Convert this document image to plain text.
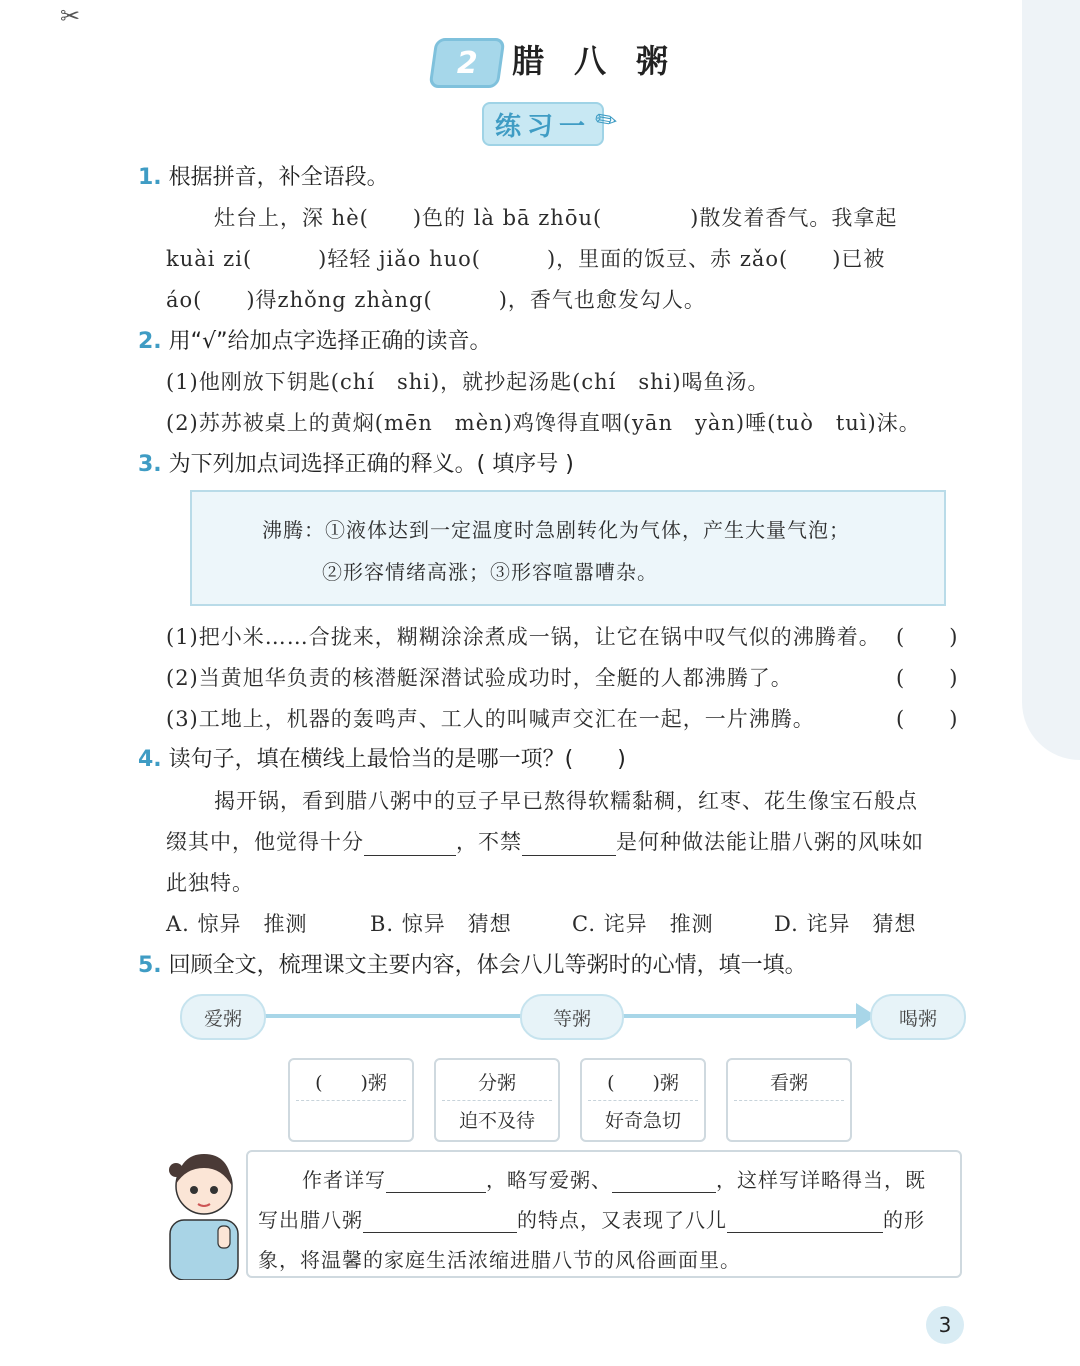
✂
2 腊八粥
练习一
✎
1. 根据拼音，补全语段。
灶台上，深 hè(　　)色的 là bā zhōu(　　　　)散发着香气。我拿起
kuài zi(　　　)轻轻 jiǎo huo(　　　)，里面的饭豆、赤 zǎo(　　)已被
áo(　　)得zhǒng zhàng(　　　)，香气也愈发勾人。
2. 用“√”给加点字选择正确的读音。
(1)他刚放下钥匙(chí　shi)，就抄起汤匙(chí　shi)喝鱼汤。
(2)苏苏被桌上的黄焖(mēn　mèn)鸡馋得直咽(yān　yàn)唾(tuò　tuì)沫。
3. 为下列加点词选择正确的释义。( 填序号 )
沸腾：①液体达到一定温度时急剧转化为气体，产生大量气泡；
②形容情绪高涨；③形容喧嚣嘈杂。
(1)把小米……合拢来，糊糊涂涂煮成一锅，让它在锅中叹气似的沸腾着。 (　　)
(2)当黄旭华负责的核潜艇深潜试验成功时，全艇的人都沸腾了。	(　　)
(3)工地上，机器的轰鸣声、工人的叫喊声交汇在一起，一片沸腾。	(　　)
4. 读句子，填在横线上最恰当的是哪一项？(　　)
揭开锅，看到腊八粥中的豆子早已熬得软糯黏稠，红枣、花生像宝石般点
缀其中，他觉得十分	，不禁	是何种做法能让腊八粥的风味如
此独特。
A. 惊异　推测	B. 惊异　猜想	C. 诧异　推测	D. 诧异　猜想
5. 回顾全文，梳理课文主要内容，体会八儿等粥时的心情，填一填。
爱粥	等粥	喝粥
(　　)粥	分粥
迫不及待
(　　)粥
好奇急切
看粥
作者详写	，略写爱粥、	，这样写详略得当，既
写出腊八粥	的特点，又表现了八儿	的形
象，将温馨的家庭生活浓缩进腊八节的风俗画面里。
3
